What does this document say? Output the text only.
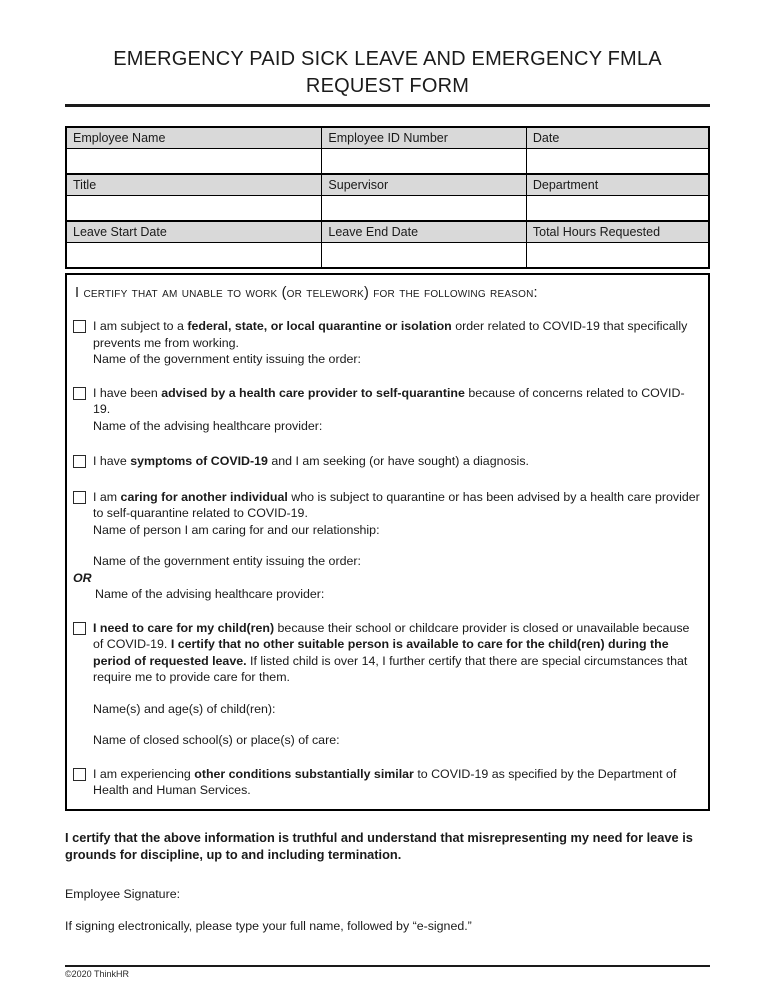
EMERGENCY PAID SICK LEAVE AND EMERGENCY FMLA
REQUEST FORM
Employee Name	Employee ID Number	Date

Title	Supervisor	Department

Leave Start Date	Leave End Date	Total Hours Requested

I certify that am unable to work (or telework) for the following reason:
I am subject to a federal, state, or local quarantine or isolation order related to COVID-19 that specifically prevents me from working.
Name of the government entity issuing the order:
I have been advised by a health care provider to self-quarantine because of concerns related to COVID-19.
Name of the advising healthcare provider:
I have symptoms of COVID-19 and I am seeking (or have sought) a diagnosis.
I am caring for another individual who is subject to quarantine or has been advised by a health care provider to self-quarantine related to COVID-19.
Name of person I am caring for and our relationship:
Name of the government entity issuing the order:
OR
Name of the advising healthcare provider:
I need to care for my child(ren) because their school or childcare provider is closed or unavailable because of COVID-19. I certify that no other suitable person is available to care for the child(ren) during the period of requested leave. If listed child is over 14, I further certify that there are special circumstances that require me to provide care for them.
Name(s) and age(s) of child(ren):
Name of closed school(s) or place(s) of care:
I am experiencing other conditions substantially similar to COVID-19 as specified by the Department of Health and Human Services.
I certify that the above information is truthful and understand that misrepresenting my need for leave is grounds for discipline, up to and including termination.
Employee Signature:
If signing electronically, please type your full name, followed by “e-signed.”
©2020 ThinkHR
